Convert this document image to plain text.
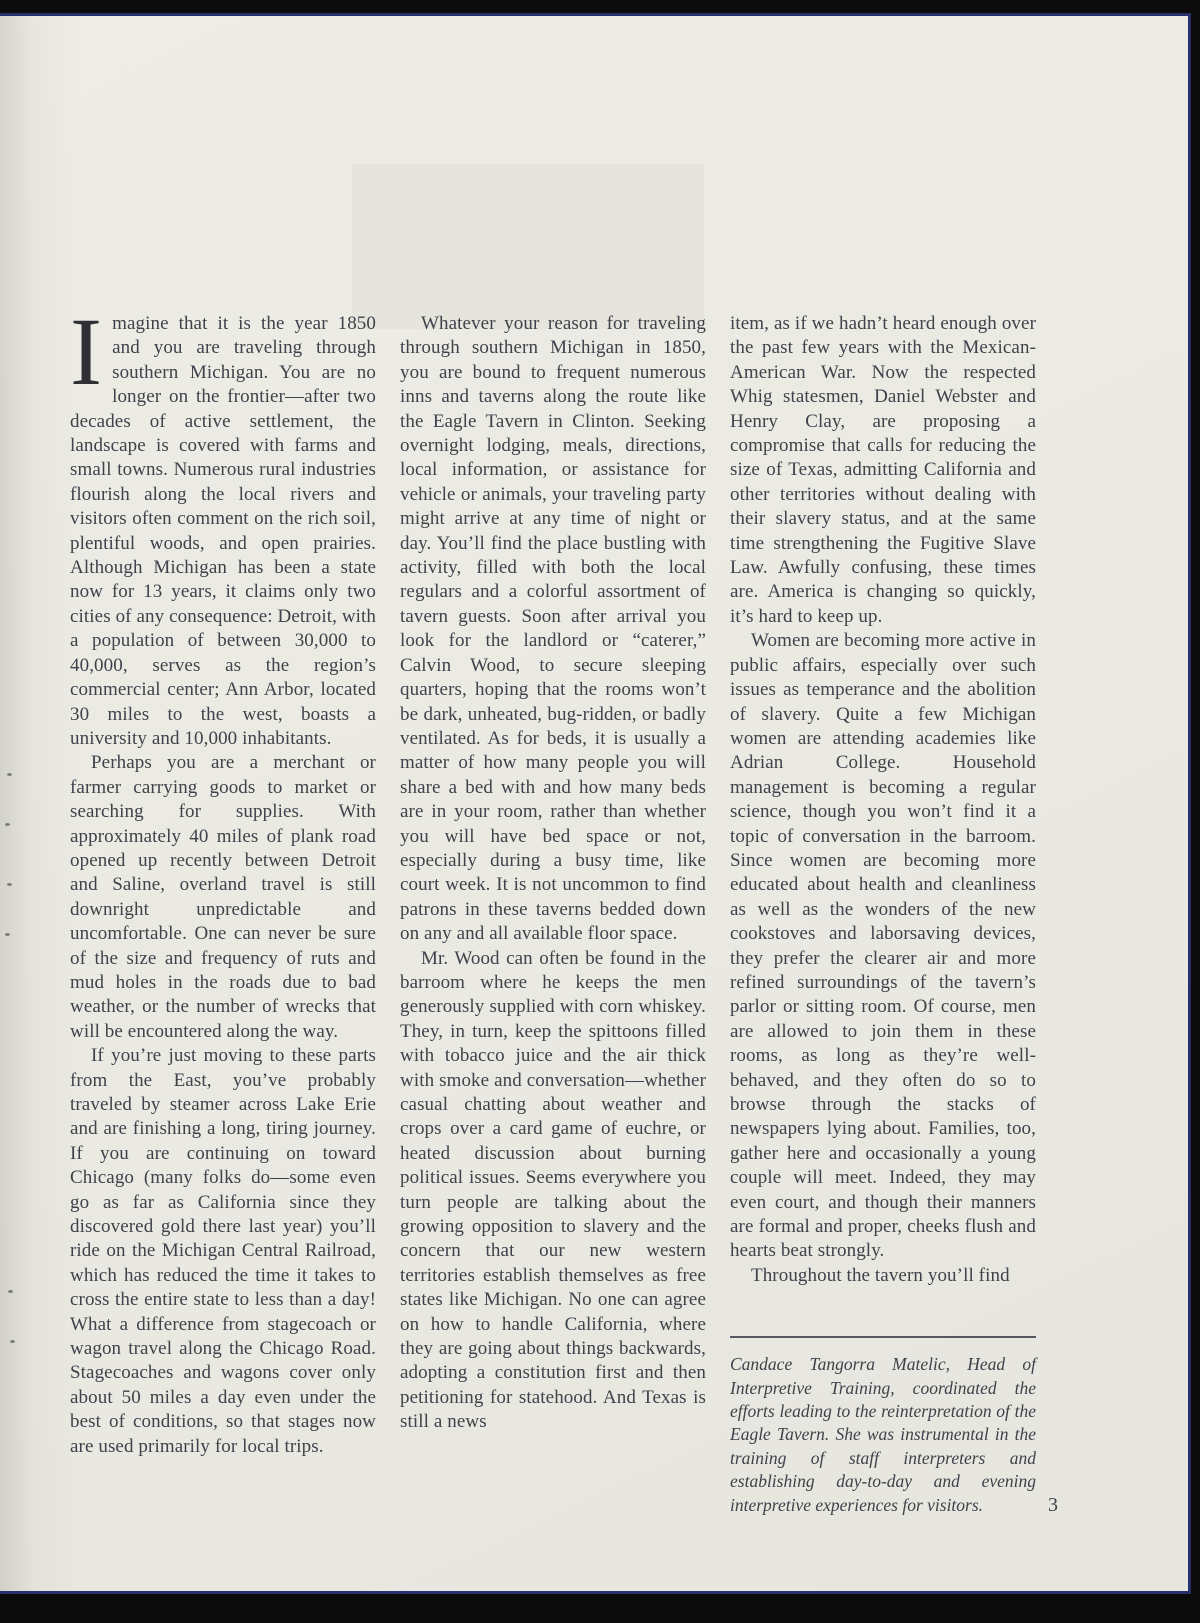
Imagine that it is the year 1850 and you are traveling through southern Michigan. You are no longer on the frontier—after two decades of active settlement, the landscape is covered with farms and small towns. Numerous rural industries flourish along the local rivers and visitors often comment on the rich soil, plentiful woods, and open prairies. Although Michigan has been a state now for 13 years, it claims only two cities of any consequence: Detroit, with a population of between 30,000 to 40,000, serves as the region’s commercial center; Ann Arbor, located 30 miles to the west, boasts a university and 10,000 inhabitants.

Perhaps you are a merchant or farmer carrying goods to market or searching for supplies. With approximately 40 miles of plank road opened up recently between Detroit and Saline, overland travel is still downright unpredictable and uncomfortable. One can never be sure of the size and frequency of ruts and mud holes in the roads due to bad weather, or the number of wrecks that will be encountered along the way.

If you’re just moving to these parts from the East, you’ve probably traveled by steamer across Lake Erie and are finishing a long, tiring journey. If you are continuing on toward Chicago (many folks do—some even go as far as California since they discovered gold there last year) you’ll ride on the Michigan Central Railroad, which has reduced the time it takes to cross the entire state to less than a day! What a difference from stagecoach or wagon travel along the Chicago Road. Stagecoaches and wagons cover only about 50 miles a day even under the best of conditions, so that stages now are used primarily for local trips.

Whatever your reason for traveling through southern Michigan in 1850, you are bound to frequent numerous inns and taverns along the route like the Eagle Tavern in Clinton. Seeking overnight lodging, meals, directions, local information, or assistance for vehicle or animals, your traveling party might arrive at any time of night or day. You’ll find the place bustling with activity, filled with both the local regulars and a colorful assortment of tavern guests. Soon after arrival you look for the landlord or “caterer,” Calvin Wood, to secure sleeping quarters, hoping that the rooms won’t be dark, unheated, bug-ridden, or badly ventilated. As for beds, it is usually a matter of how many people you will share a bed with and how many beds are in your room, rather than whether you will have bed space or not, especially during a busy time, like court week. It is not uncommon to find patrons in these taverns bedded down on any and all available floor space.

Mr. Wood can often be found in the barroom where he keeps the men generously supplied with corn whiskey. They, in turn, keep the spittoons filled with tobacco juice and the air thick with smoke and conversation—whether casual chatting about weather and crops over a card game of euchre, or heated discussion about burning political issues. Seems everywhere you turn people are talking about the growing opposition to slavery and the concern that our new western territories establish themselves as free states like Michigan. No one can agree on how to handle California, where they are going about things backwards, adopting a constitution first and then petitioning for statehood. And Texas is still a news

item, as if we hadn’t heard enough over the past few years with the Mexican-American War. Now the respected Whig statesmen, Daniel Webster and Henry Clay, are proposing a compromise that calls for reducing the size of Texas, admitting California and other territories without dealing with their slavery status, and at the same time strengthening the Fugitive Slave Law. Awfully confusing, these times are. America is changing so quickly, it’s hard to keep up.

Women are becoming more active in public affairs, especially over such issues as temperance and the abolition of slavery. Quite a few Michigan women are attending academies like Adrian College. Household management is becoming a regular science, though you won’t find it a topic of conversation in the barroom. Since women are becoming more educated about health and cleanliness as well as the wonders of the new cookstoves and laborsaving devices, they prefer the clearer air and more refined surroundings of the tavern’s parlor or sitting room. Of course, men are allowed to join them in these rooms, as long as they’re well-behaved, and they often do so to browse through the stacks of newspapers lying about. Families, too, gather here and occasionally a young couple will meet. Indeed, they may even court, and though their manners are formal and proper, cheeks flush and hearts beat strongly.

Throughout the tavern you’ll find

Candace Tangorra Matelic, Head of Interpretive Training, coordinated the efforts leading to the reinterpretation of the Eagle Tavern. She was instrumental in the training of staff interpreters and establishing day-to-day and evening interpretive experiences for visitors.	3
